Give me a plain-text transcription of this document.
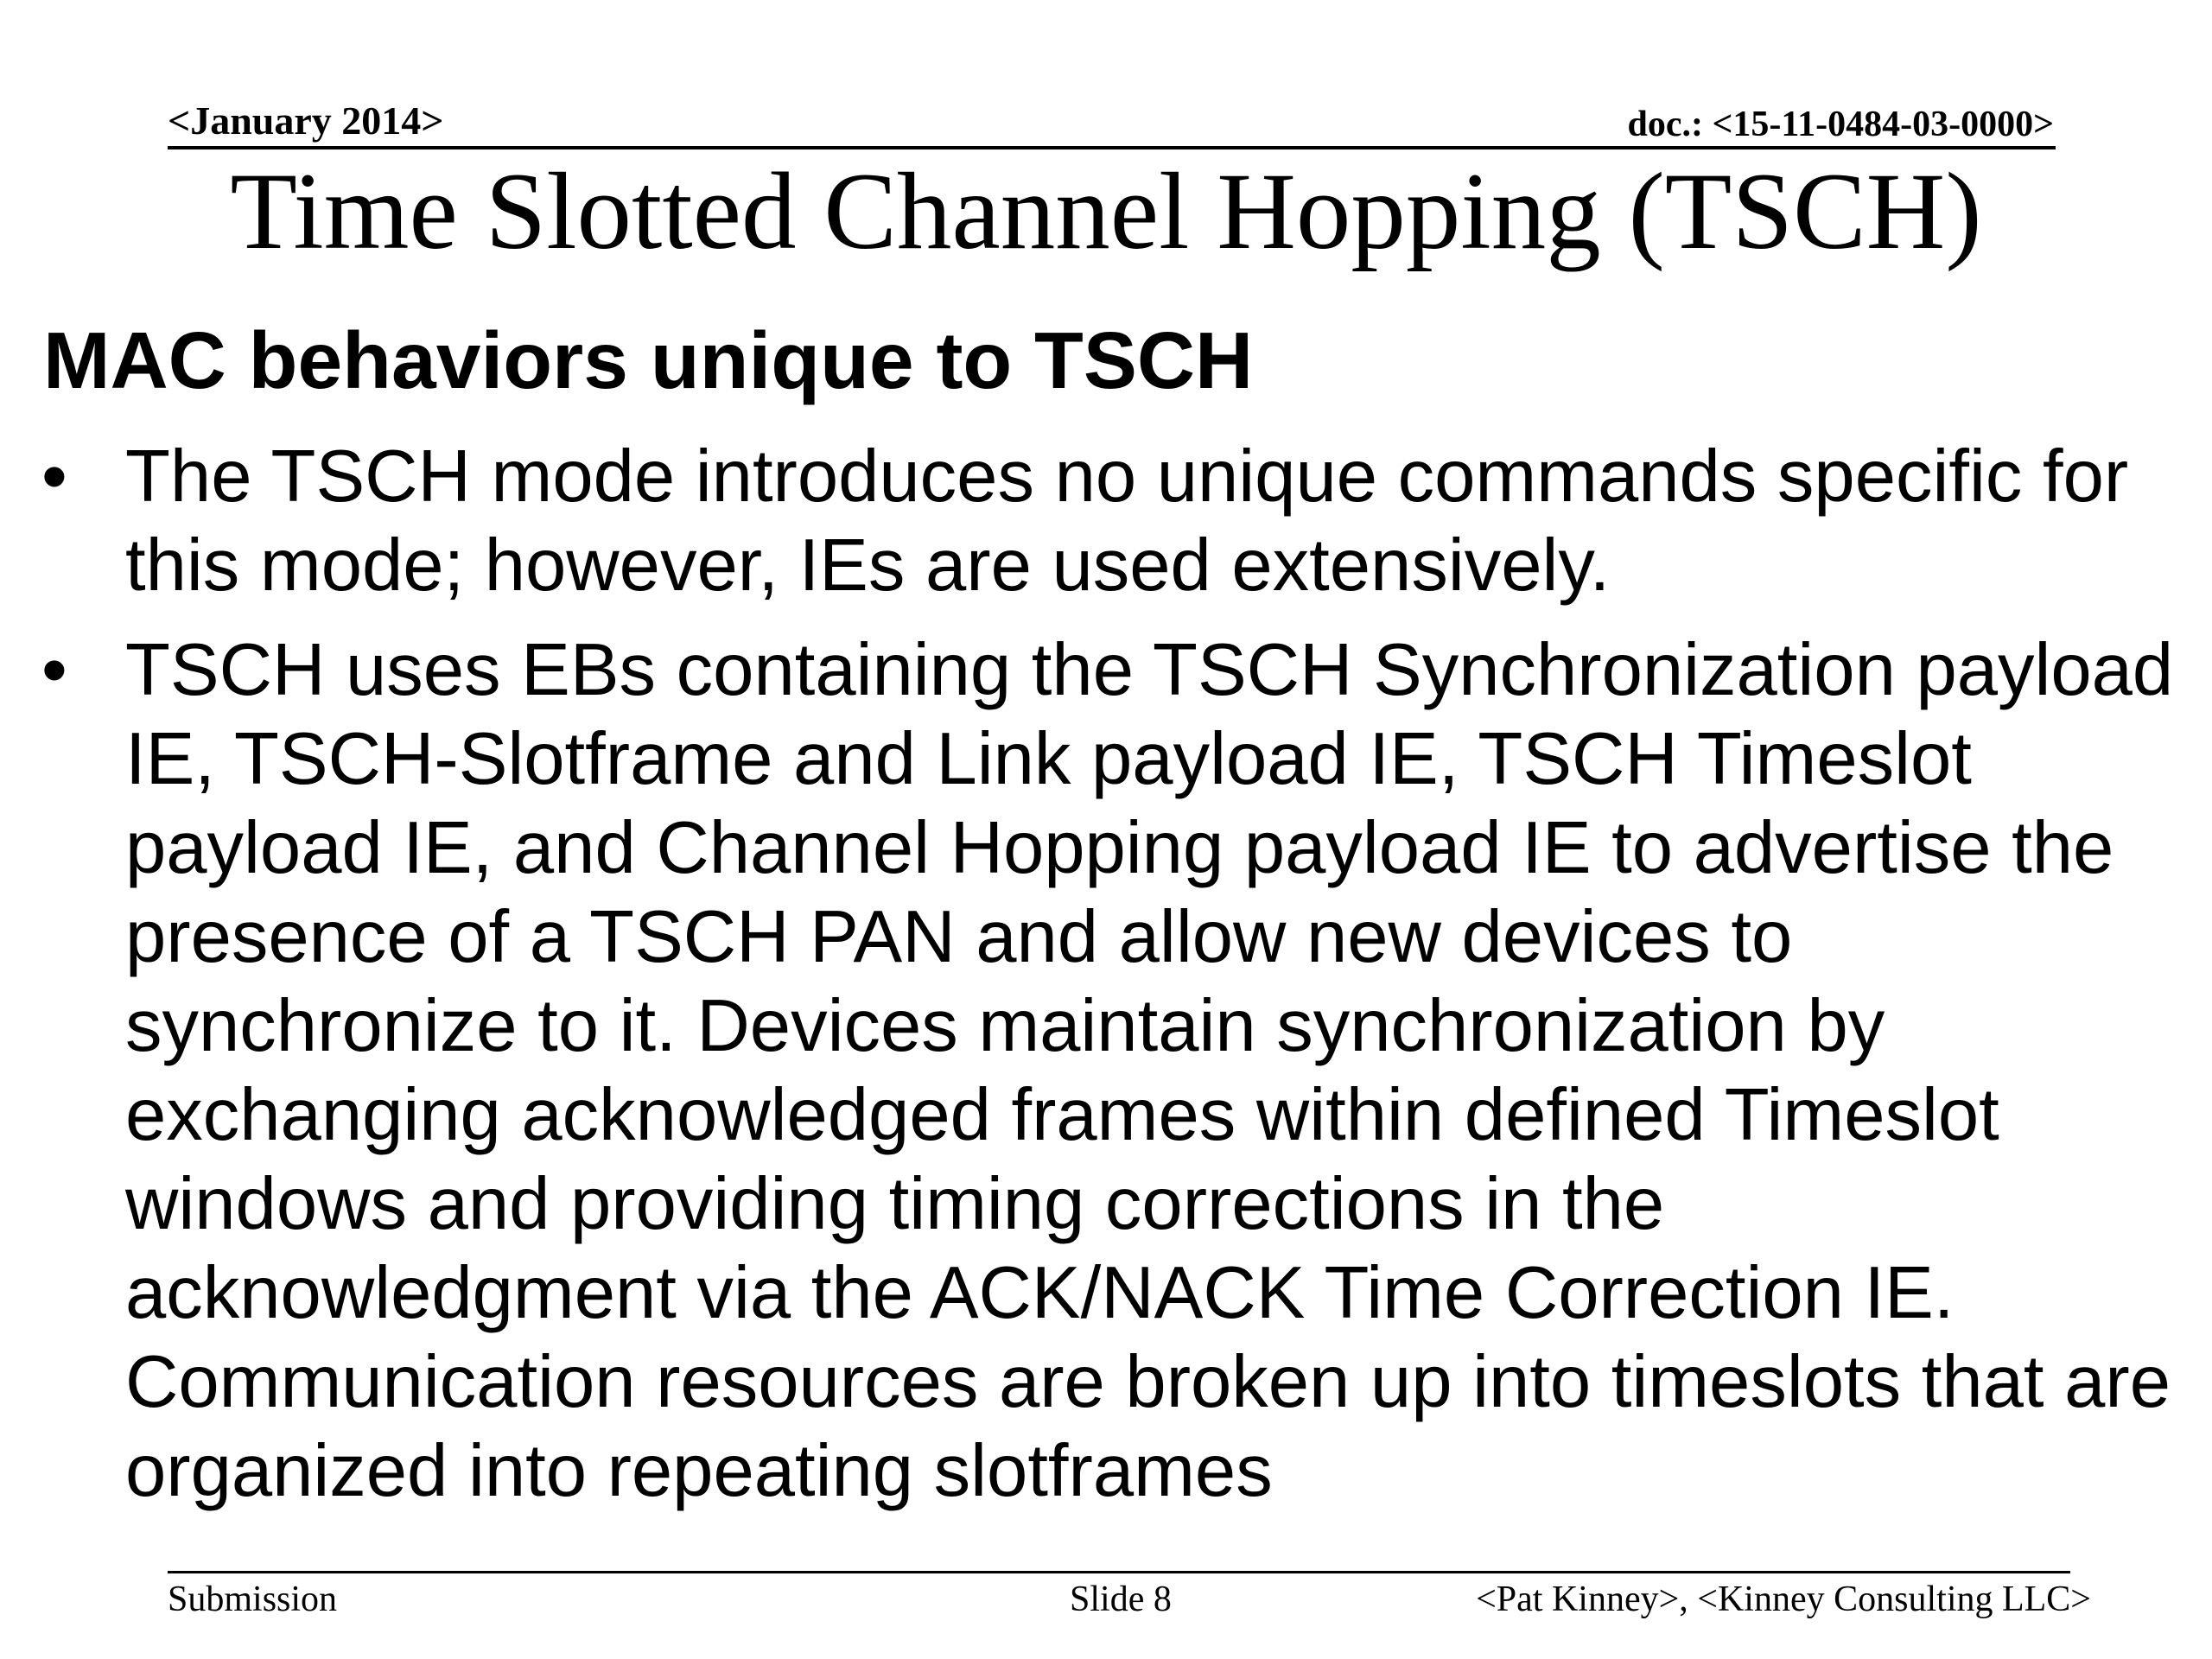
<January 2014>	doc.: <15-11-0484-03-0000>
Time Slotted Channel Hopping (TSCH)
MAC behaviors unique to TSCH
• The TSCH mode introduces no unique commands specific for
this mode; however, IEs are used extensively.
• TSCH uses EBs containing the TSCH Synchronization payload
IE, TSCH-Slotframe and Link payload IE, TSCH Timeslot
payload IE, and Channel Hopping payload IE to advertise the
presence of a TSCH PAN and allow new devices to
synchronize to it. Devices maintain synchronization by
exchanging acknowledged frames within defined Timeslot
windows and providing timing corrections in the
acknowledgment via the ACK/NACK Time Correction IE.
Communication resources are broken up into timeslots that are
organized into repeating slotframes
Submission	Slide 8	<Pat Kinney>, <Kinney Consulting LLC>
